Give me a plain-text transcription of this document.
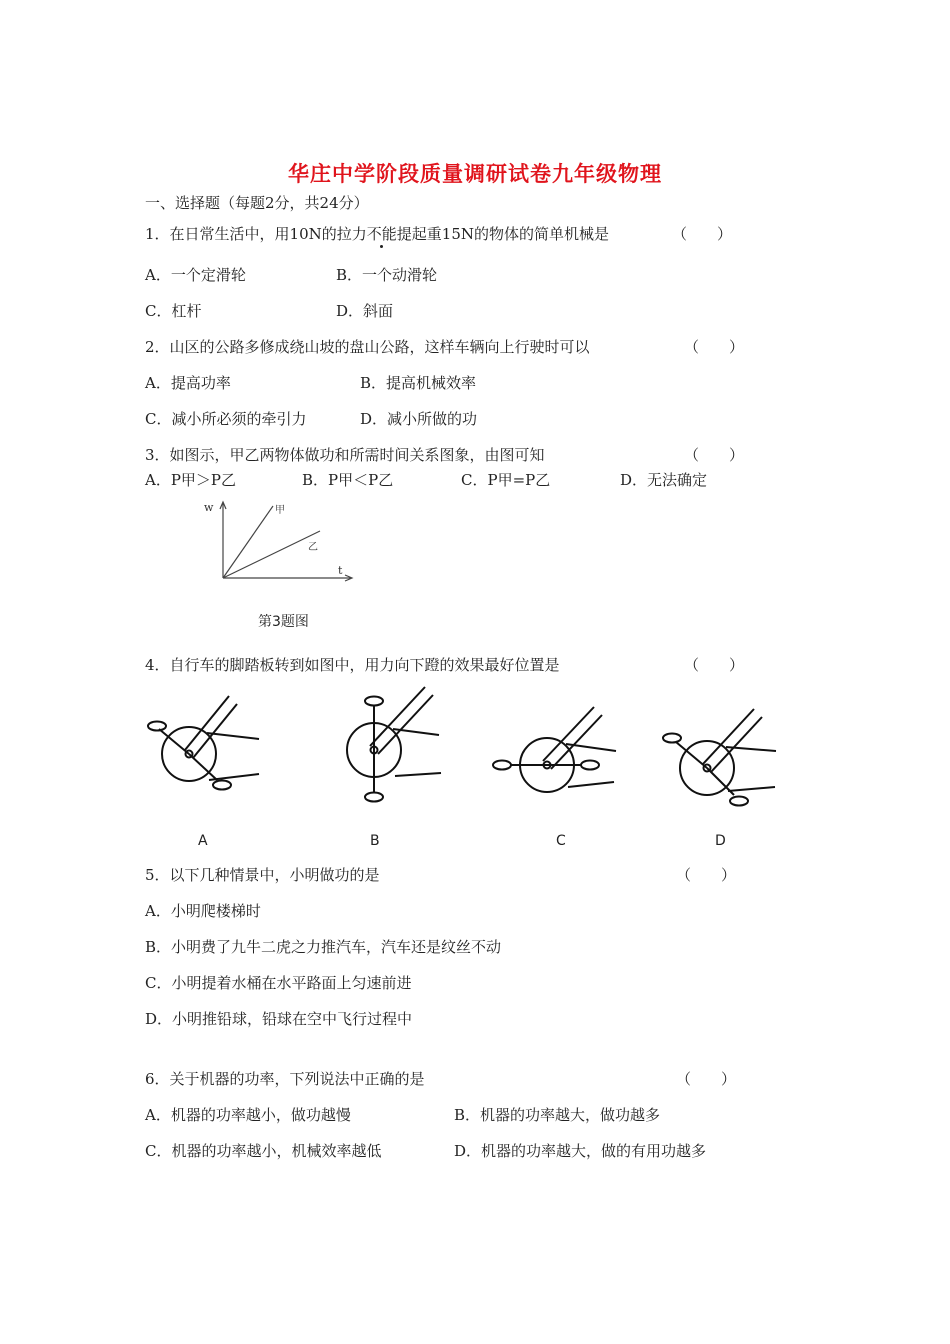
华庄中学阶段质量调研试卷九年级物理
一、选择题（每题2分，共24分）
1．在日常生活中，用10N的拉力不能提起重15N的物体的简单机械是	（　　）
A．一个定滑轮	B．一个动滑轮
C．杠杆	D．斜面
2．山区的公路多修成绕山坡的盘山公路，这样车辆向上行驶时可以	（　　）
A．提高功率	B．提高机械效率
C．减小所必须的牵引力	D．减小所做的功
3．如图示，甲乙两物体做功和所需时间关系图象，由图可知	（　　）
A．P甲＞P乙	B．P甲＜P乙	C．P甲=P乙	D．无法确定
w
t
甲
乙
第3题图
4．自行车的脚踏板转到如图中，用力向下蹬的效果最好位置是	（　　）
A	B	C	D
5．以下几种情景中，小明做功的是	（　　）
A．小明爬楼梯时
B．小明费了九牛二虎之力推汽车，汽车还是纹丝不动
C．小明提着水桶在水平路面上匀速前进
D．小明推铅球，铅球在空中飞行过程中
6．关于机器的功率，下列说法中正确的是	（　　）
A．机器的功率越小，做功越慢	B．机器的功率越大，做功越多
C．机器的功率越小，机械效率越低	D．机器的功率越大，做的有用功越多
